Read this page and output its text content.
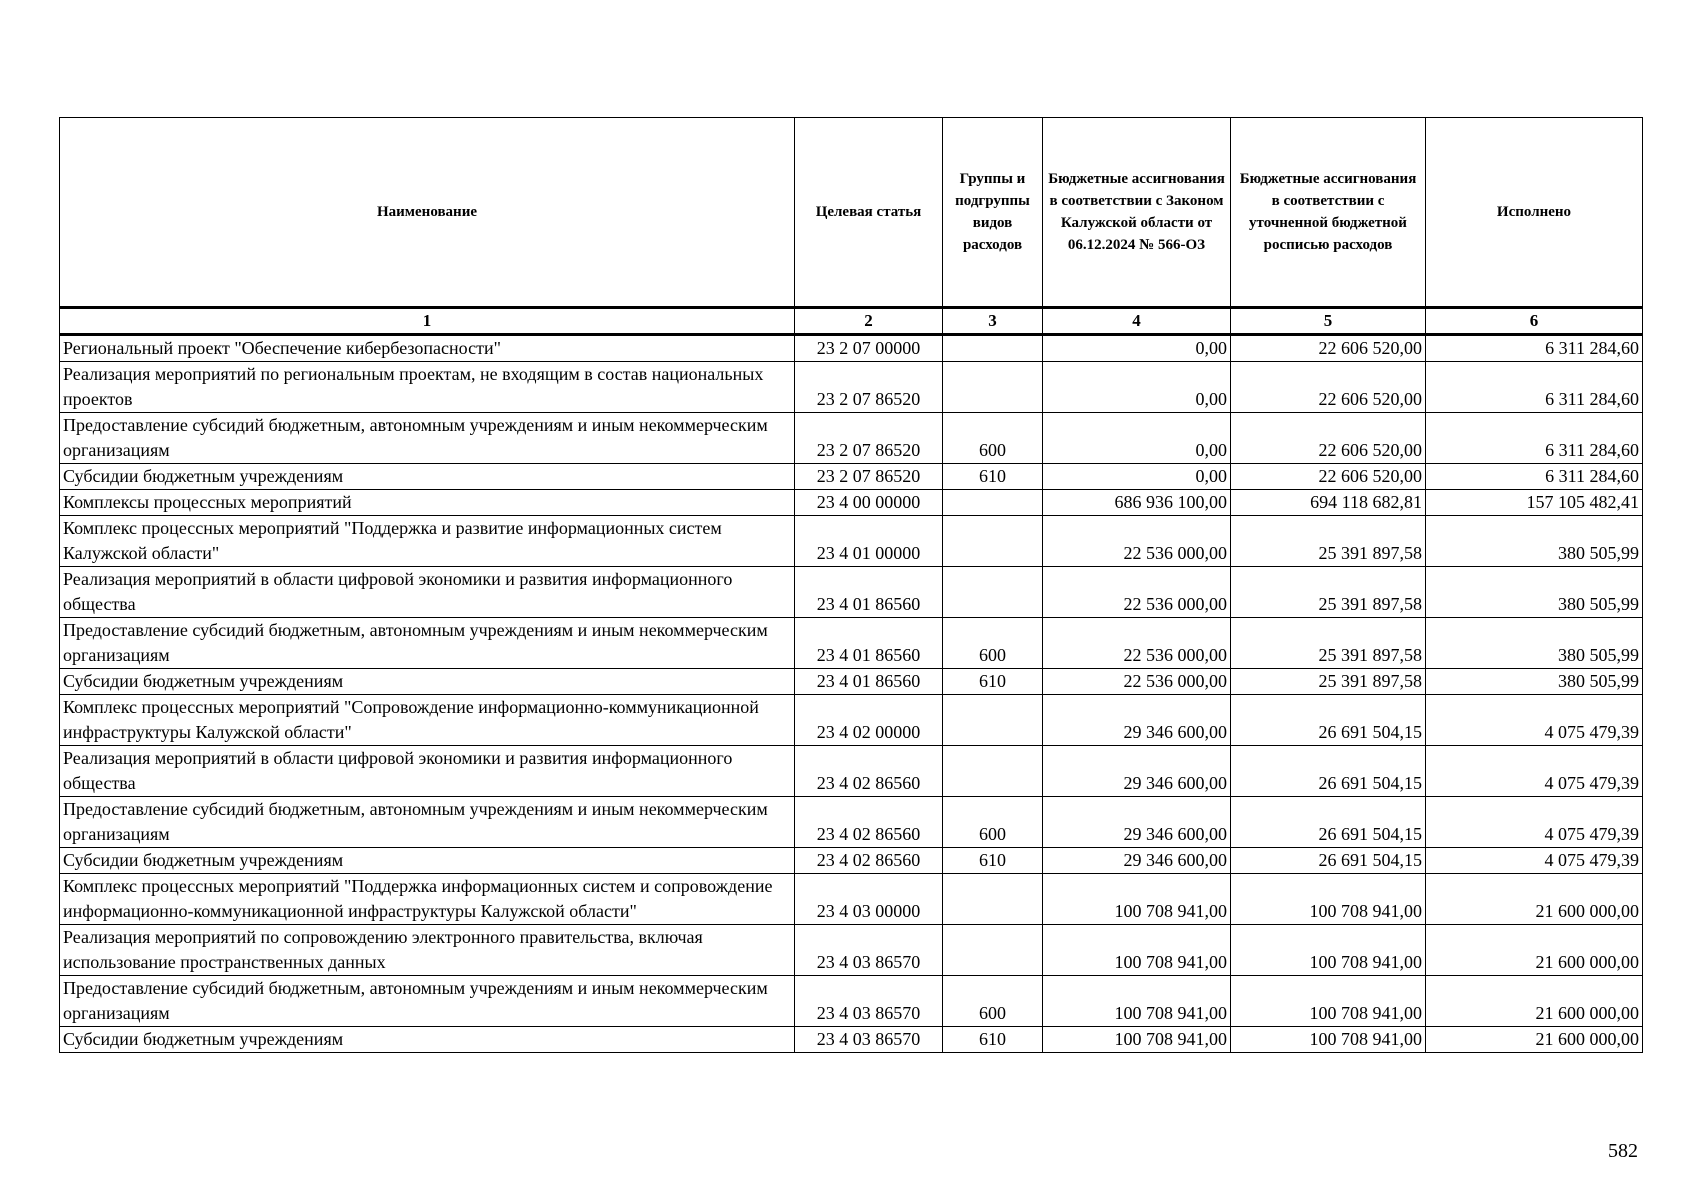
Наименование	Целевая статья	Группы и подгруппы видов расходов	Бюджетные ассигнования в соответствии с Законом Калужской области от 06.12.2024 № 566-ОЗ	Бюджетные ассигнования в соответствии с уточненной бюджетной росписью расходов	Исполнено
1	2	3	4	5	6
Региональный проект "Обеспечение кибербезопасности"	23 2 07 00000		0,00	22 606 520,00	6 311 284,60
Реализация мероприятий по региональным проектам, не входящим в состав национальных проектов	23 2 07 86520		0,00	22 606 520,00	6 311 284,60
Предоставление субсидий бюджетным, автономным учреждениям и иным некоммерческим организациям	23 2 07 86520	600	0,00	22 606 520,00	6 311 284,60
Субсидии бюджетным учреждениям	23 2 07 86520	610	0,00	22 606 520,00	6 311 284,60
Комплексы процессных мероприятий	23 4 00 00000		686 936 100,00	694 118 682,81	157 105 482,41
Комплекс процессных мероприятий "Поддержка и развитие информационных систем Калужской области"	23 4 01 00000		22 536 000,00	25 391 897,58	380 505,99
Реализация мероприятий в области цифровой экономики и развития информационного общества	23 4 01 86560		22 536 000,00	25 391 897,58	380 505,99
Предоставление субсидий бюджетным, автономным учреждениям и иным некоммерческим организациям	23 4 01 86560	600	22 536 000,00	25 391 897,58	380 505,99
Субсидии бюджетным учреждениям	23 4 01 86560	610	22 536 000,00	25 391 897,58	380 505,99
Комплекс процессных мероприятий "Сопровождение информационно-коммуникационной инфраструктуры Калужской области"	23 4 02 00000		29 346 600,00	26 691 504,15	4 075 479,39
Реализация мероприятий в области цифровой экономики и развития информационного общества	23 4 02 86560		29 346 600,00	26 691 504,15	4 075 479,39
Предоставление субсидий бюджетным, автономным учреждениям и иным некоммерческим организациям	23 4 02 86560	600	29 346 600,00	26 691 504,15	4 075 479,39
Субсидии бюджетным учреждениям	23 4 02 86560	610	29 346 600,00	26 691 504,15	4 075 479,39
Комплекс процессных мероприятий "Поддержка информационных систем и сопровождение информационно-коммуникационной инфраструктуры Калужской области"	23 4 03 00000		100 708 941,00	100 708 941,00	21 600 000,00
Реализация мероприятий по сопровождению электронного правительства, включая использование пространственных данных	23 4 03 86570		100 708 941,00	100 708 941,00	21 600 000,00
Предоставление субсидий бюджетным, автономным учреждениям и иным некоммерческим организациям	23 4 03 86570	600	100 708 941,00	100 708 941,00	21 600 000,00
Субсидии бюджетным учреждениям	23 4 03 86570	610	100 708 941,00	100 708 941,00	21 600 000,00
582
